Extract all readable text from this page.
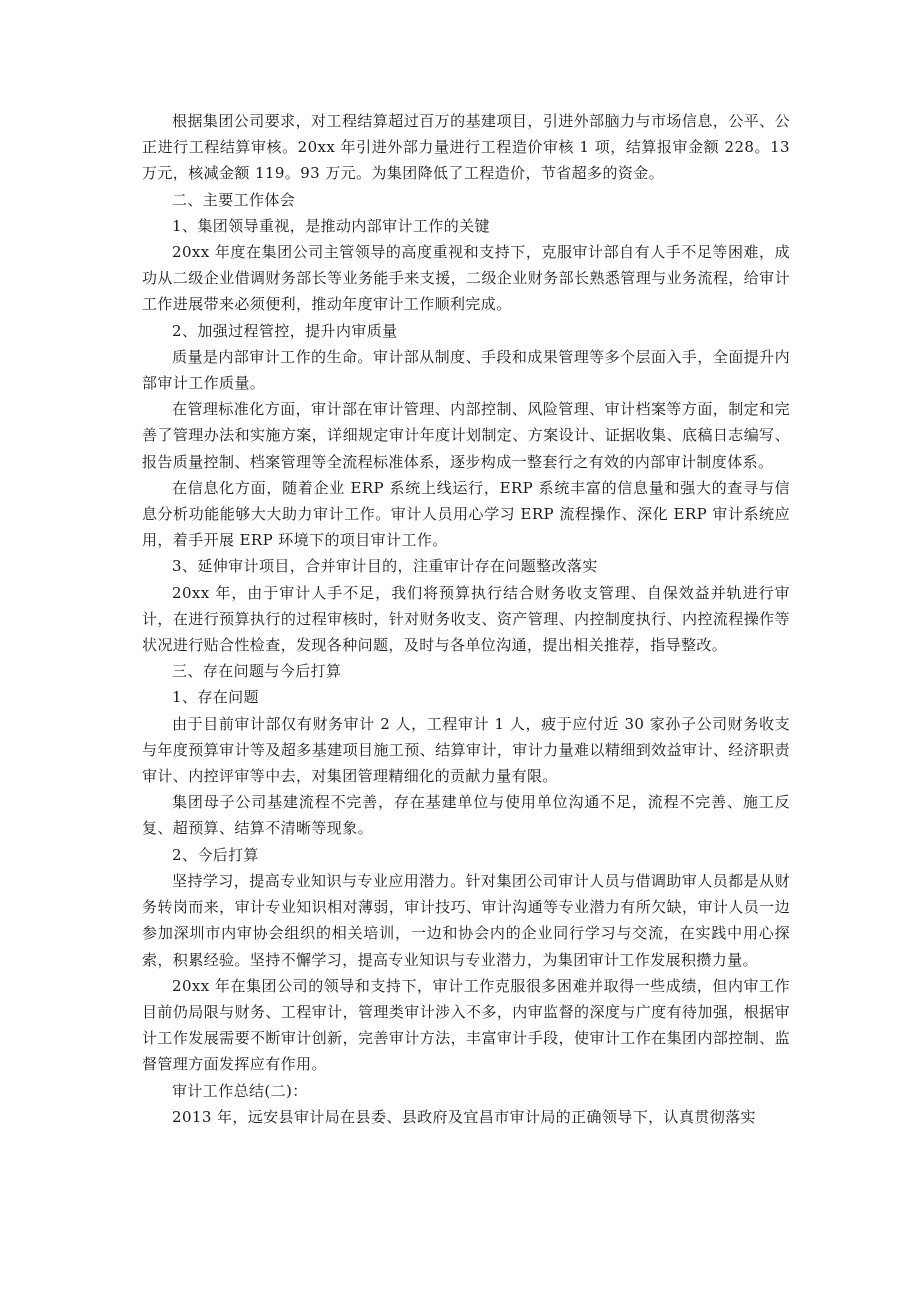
根据集团公司要求，对工程结算超过百万的基建项目，引进外部脑力与市场信息，公平、公正进行工程结算审核。20xx 年引进外部力量进行工程造价审核 1 项，结算报审金额 228。13 万元，核减金额 119。93 万元。为集团降低了工程造价，节省超多的资金。

二、主要工作体会

1、集团领导重视，是推动内部审计工作的关键

20xx 年度在集团公司主管领导的高度重视和支持下，克服审计部自有人手不足等困难，成功从二级企业借调财务部长等业务能手来支援，二级企业财务部长熟悉管理与业务流程，给审计工作进展带来必须便利，推动年度审计工作顺利完成。

2、加强过程管控，提升内审质量

质量是内部审计工作的生命。审计部从制度、手段和成果管理等多个层面入手，全面提升内部审计工作质量。

在管理标准化方面，审计部在审计管理、内部控制、风险管理、审计档案等方面，制定和完善了管理办法和实施方案，详细规定审计年度计划制定、方案设计、证据收集、底稿日志编写、报告质量控制、档案管理等全流程标准体系，逐步构成一整套行之有效的内部审计制度体系。

在信息化方面，随着企业 ERP 系统上线运行，ERP 系统丰富的信息量和强大的查寻与信息分析功能能够大大助力审计工作。审计人员用心学习 ERP 流程操作、深化 ERP 审计系统应用，着手开展 ERP 环境下的项目审计工作。

3、延伸审计项目，合并审计目的，注重审计存在问题整改落实

20xx 年，由于审计人手不足，我们将预算执行结合财务收支管理、自保效益并轨进行审计，在进行预算执行的过程审核时，针对财务收支、资产管理、内控制度执行、内控流程操作等状况进行贴合性检查，发现各种问题，及时与各单位沟通，提出相关推荐，指导整改。

三、存在问题与今后打算

1、存在问题

由于目前审计部仅有财务审计 2 人，工程审计 1 人，疲于应付近 30 家孙子公司财务收支与年度预算审计等及超多基建项目施工预、结算审计，审计力量难以精细到效益审计、经济职责审计、内控评审等中去，对集团管理精细化的贡献力量有限。

集团母子公司基建流程不完善，存在基建单位与使用单位沟通不足，流程不完善、施工反复、超预算、结算不清晰等现象。

2、今后打算

坚持学习，提高专业知识与专业应用潜力。针对集团公司审计人员与借调助审人员都是从财务转岗而来，审计专业知识相对薄弱，审计技巧、审计沟通等专业潜力有所欠缺，审计人员一边参加深圳市内审协会组织的相关培训，一边和协会内的企业同行学习与交流，在实践中用心探索，积累经验。坚持不懈学习，提高专业知识与专业潜力，为集团审计工作发展积攒力量。

20xx 年在集团公司的领导和支持下，审计工作克服很多困难并取得一些成绩，但内审工作目前仍局限与财务、工程审计，管理类审计涉入不多，内审监督的深度与广度有待加强，根据审计工作发展需要不断审计创新，完善审计方法，丰富审计手段，使审计工作在集团内部控制、监督管理方面发挥应有作用。

审计工作总结(二)：

2013 年，远安县审计局在县委、县政府及宜昌市审计局的正确领导下，认真贯彻落实
